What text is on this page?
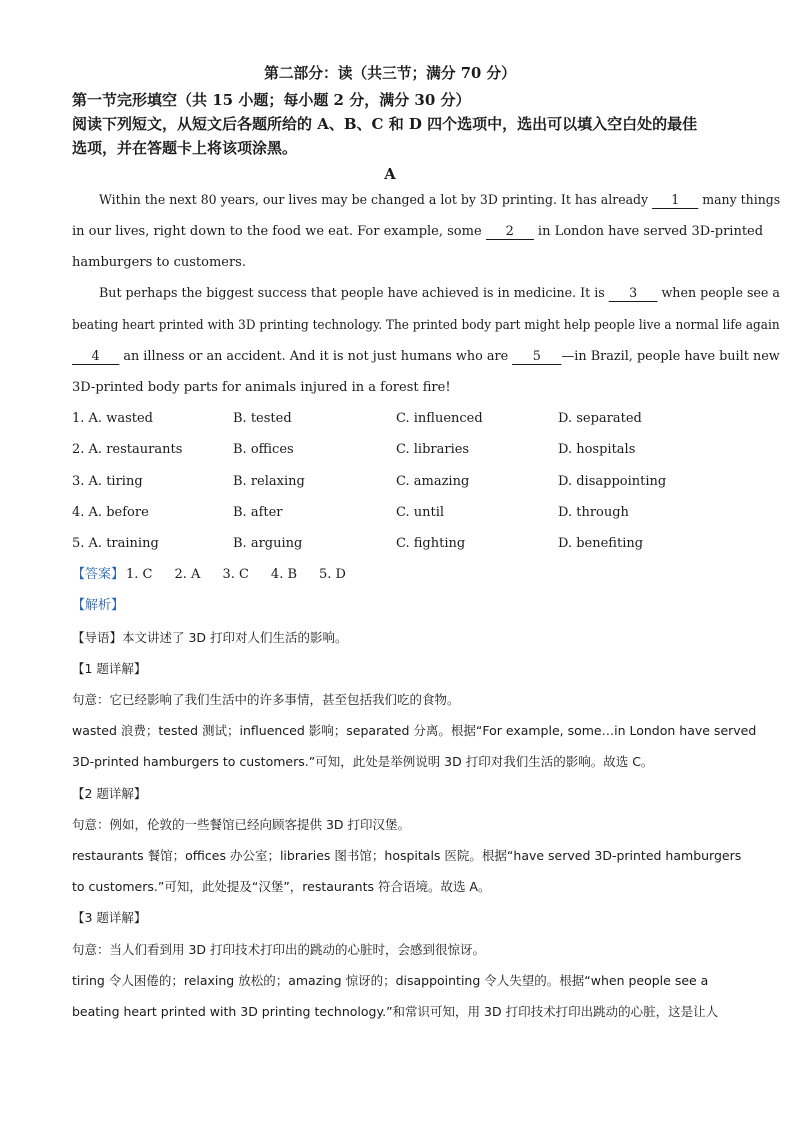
第二部分：读（共三节；满分 70 分）
第一节完形填空（共 15 小题；每小题 2 分，满分 30 分）
阅读下列短文，从短文后各题所给的 A、B、C 和 D 四个选项中，选出可以填入空白处的最佳
选项，并在答题卡上将该项涂黑。
A
Within the next 80 years, our lives may be changed a lot by 3D printing. It has already 1 many things
in our lives, right down to the food we eat. For example, some 2 in London have served 3D-printed
hamburgers to customers.
But perhaps the biggest success that people have achieved is in medicine. It is 3 when people see a
beating heart printed with 3D printing technology. The printed body part might help people live a normal life again
4 an illness or an accident. And it is not just humans who are 5 —in Brazil, people have built new
3D-printed body parts for animals injured in a forest fire!
1. A. wasted	B. tested	C. influenced	D. separated
2. A. restaurants	B. offices	C. libraries	D. hospitals
3. A. tiring	B. relaxing	C. amazing	D. disappointing
4. A. before	B. after	C. until	D. through
5. A. training	B. arguing	C. fighting	D. benefiting
【答案】 1. C 2. A 3. C 4. B 5. D
【解析】
【导语】本文讲述了 3D 打印对人们生活的影响。
【1 题详解】
句意：它已经影响了我们生活中的许多事情，甚至包括我们吃的食物。
wasted 浪费；tested 测试；influenced 影响；separated 分离。根据“For example, some…in London have served
3D-printed hamburgers to customers.”可知，此处是举例说明 3D 打印对我们生活的影响。故选 C。
【2 题详解】
句意：例如，伦敦的一些餐馆已经向顾客提供 3D 打印汉堡。
restaurants 餐馆；offices 办公室；libraries 图书馆；hospitals 医院。根据“have served 3D-printed hamburgers
to customers.”可知，此处提及“汉堡”，restaurants 符合语境。故选 A。
【3 题详解】
句意：当人们看到用 3D 打印技术打印出的跳动的心脏时，会感到很惊讶。
tiring 令人困倦的；relaxing 放松的；amazing 惊讶的；disappointing 令人失望的。根据“when people see a
beating heart printed with 3D printing technology.”和常识可知，用 3D 打印技术打印出跳动的心脏，这是让人
